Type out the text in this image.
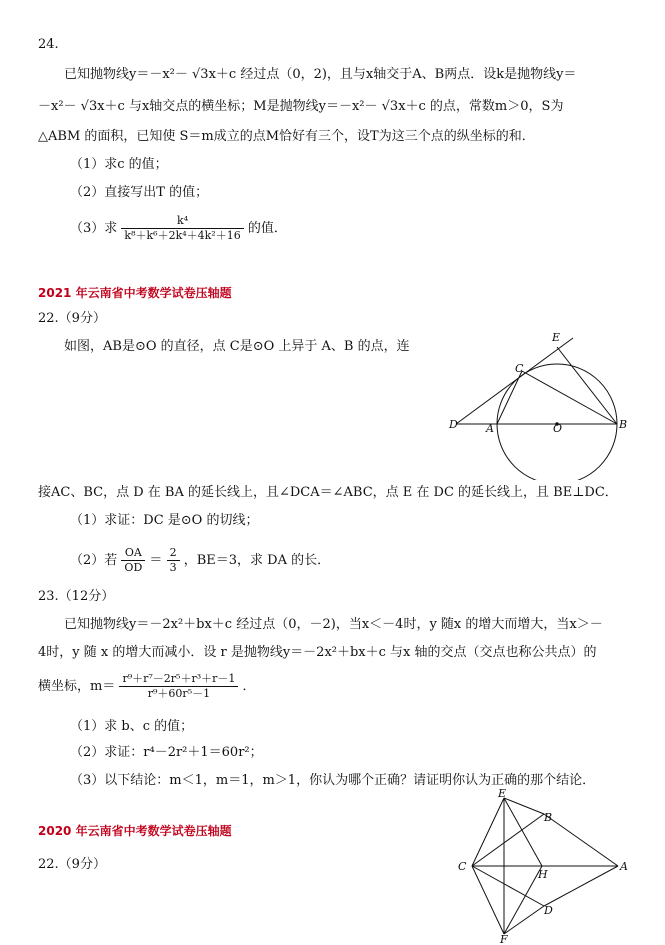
24.
已知抛物线y＝－x²－ √3x＋c 经过点（0，2)，且与x轴交于A、B两点．设k是抛物线y＝
－x²－ √3x＋c 与x轴交点的横坐标；M是抛物线y＝－x²－ √3x＋c 的点，常数m＞0，S为
△ABM 的面积，已知使 S＝m成立的点M恰好有三个，设T为这三个点的纵坐标的和．
（1）求c 的值；
（2）直接写出T 的值；
（3）求 $\frac{\text{k⁴}}{\text{k⁸＋k⁶＋2k⁴＋4k²＋16}}$ 的值．
2021 年云南省中考数学试卷压轴题
22.（9分）
如图，AB是⊙O 的直径，点 C是⊙O 上异于 A、B 的点，连
E
C
D	A	O	B
接AC、BC，点 D 在 BA 的延长线上，且∠DCA＝∠ABC，点 E 在 DC 的延长线上，且 BE⊥DC．
（1）求证：DC 是⊙O 的切线；
（2）若 $\frac{OA}{OD} = \frac{2}{3}$ ，BE＝3，求 DA 的长．
23.（12分）
已知抛物线y＝－2x²＋bx＋c 经过点（0，－2)，当x＜－4时，y 随x 的增大而增大，当x＞－
4时，y 随 x 的增大而减小．设 r 是抛物线y＝－2x²＋bx＋c 与x 轴的交点（交点也称公共点）的
横坐标，$m= \frac{\text{r⁹＋r⁷－2r⁵＋r³＋r－1}}{\text{r⁹＋60r⁵－1}}$ ．
（1）求 b、c 的值；
（2）求证：r⁴－2r²＋1＝60r²；
（3）以下结论：m＜1，m＝1，m＞1，你认为哪个正确？请证明你认为正确的那个结论．
2020 年云南省中考数学试卷压轴题
22.（9分）
E
B
C
H
A
D
F
